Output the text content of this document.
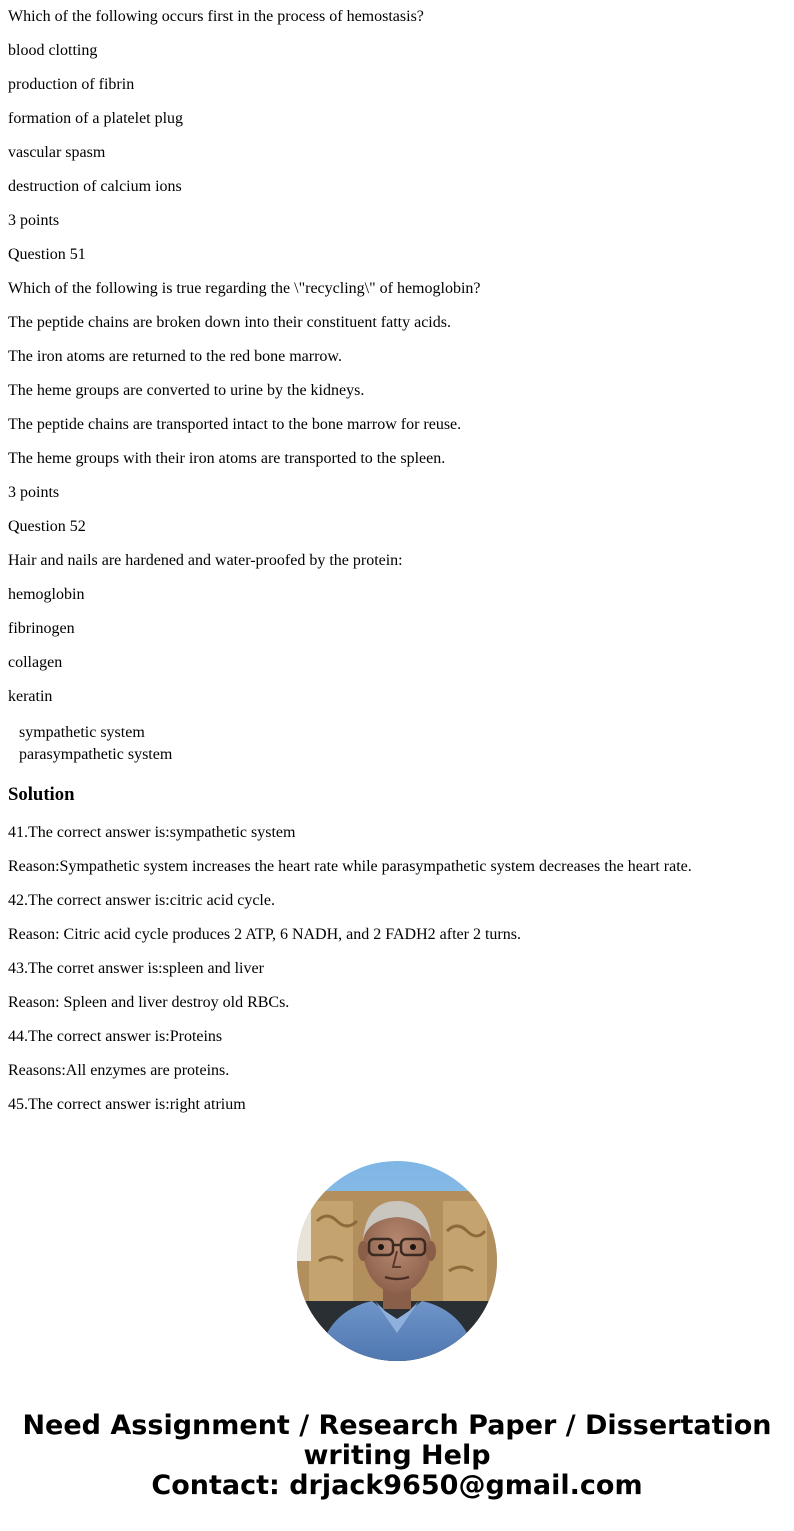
Which of the following occurs first in the process of hemostasis?

blood clotting

production of fibrin

formation of a platelet plug

vascular spasm

destruction of calcium ions

3 points

Question 51

Which of the following is true regarding the \"recycling\" of hemoglobin?

The peptide chains are broken down into their constituent fatty acids.

The iron atoms are returned to the red bone marrow.

The heme groups are converted to urine by the kidneys.

The peptide chains are transported intact to the bone marrow for reuse.

The heme groups with their iron atoms are transported to the spleen.

3 points

Question 52

Hair and nails are hardened and water-proofed by the protein:

hemoglobin

fibrinogen

collagen

keratin

sympathetic system
parasympathetic system
Solution

41.The correct answer is:sympathetic system

Reason:Sympathetic system increases the heart rate while parasympathetic system decreases the heart rate.

42.The correct answer is:citric acid cycle.

Reason: Citric acid cycle produces 2 ATP, 6 NADH, and 2 FADH2 after 2 turns.

43.The corret answer is:spleen and liver

Reason: Spleen and liver destroy old RBCs.

44.The correct answer is:Proteins

Reasons:All enzymes are proteins.

45.The correct answer is:right atrium

Need Assignment / Research Paper / Dissertation
writing Help
Contact: drjack9650@gmail.com
